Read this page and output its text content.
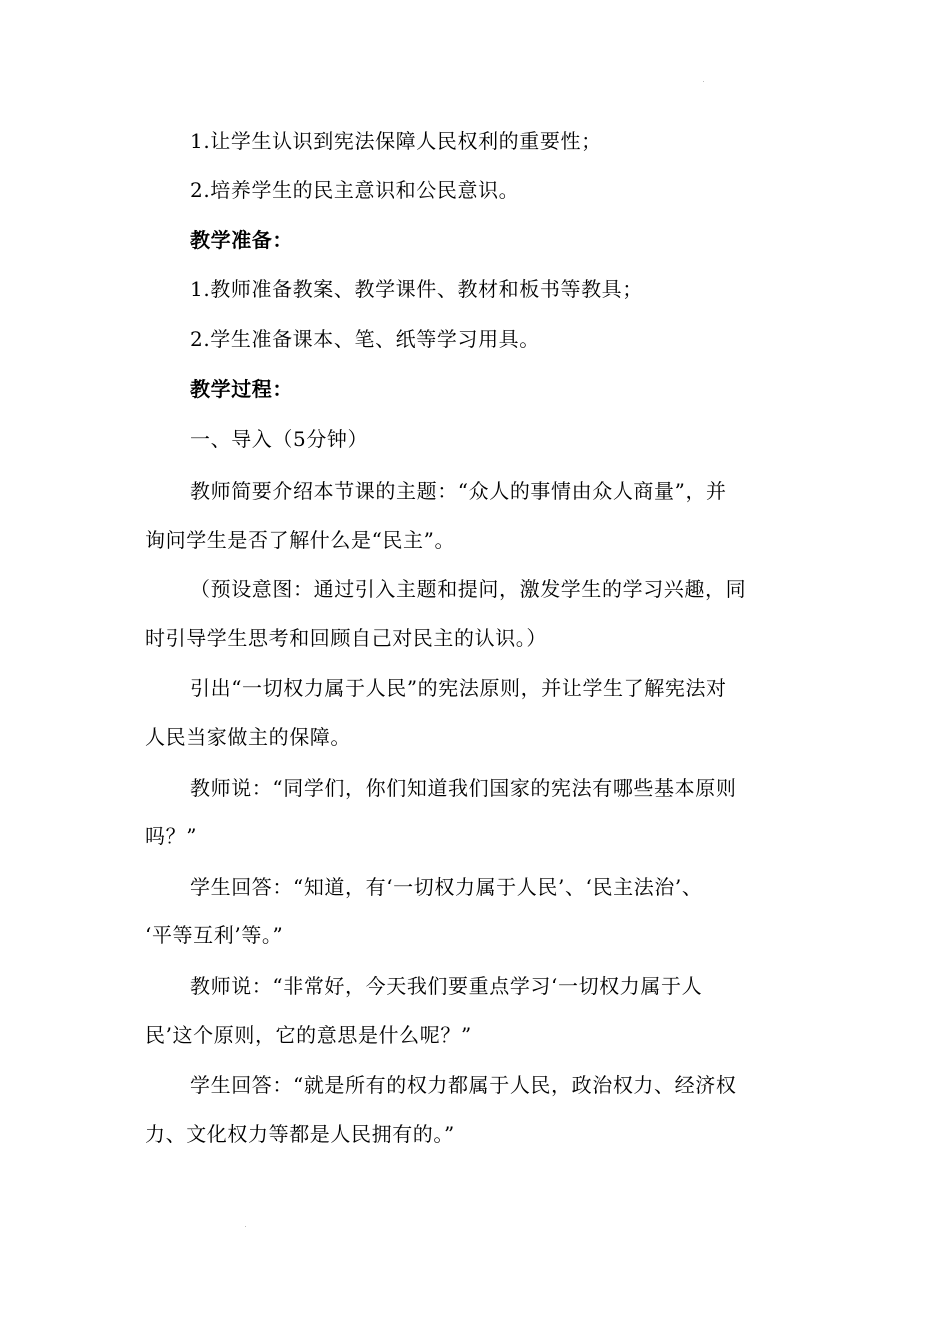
1.让学生认识到宪法保障人民权利的重要性；
2.培养学生的民主意识和公民意识。
教学准备：
1.教师准备教案、教学课件、教材和板书等教具；
2.学生准备课本、笔、纸等学习用具。
教学过程：
一、导入（5分钟）
教师简要介绍本节课的主题：“众人的事情由众人商量”，并
询问学生是否了解什么是“民主”。
（预设意图：通过引入主题和提问，激发学生的学习兴趣，同
时引导学生思考和回顾自己对民主的认识。）
引出“一切权力属于人民”的宪法原则，并让学生了解宪法对
人民当家做主的保障。
教师说：“同学们，你们知道我们国家的宪法有哪些基本原则
吗？”
学生回答：“知道，有‘一切权力属于人民’、‘民主法治’、
‘平等互利’等。”
教师说：“非常好，今天我们要重点学习‘一切权力属于人
民’这个原则，它的意思是什么呢？”
学生回答：“就是所有的权力都属于人民，政治权力、经济权
力、文化权力等都是人民拥有的。”
